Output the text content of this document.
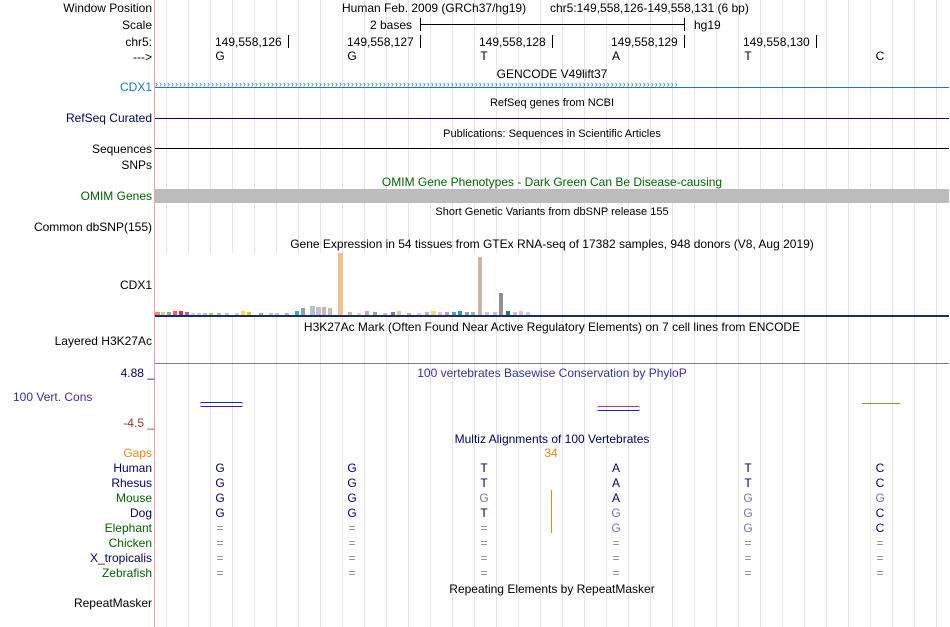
Window Position	Human Feb. 2009 (GRCh37/hg19) chr5:149,558,126-149,558,131 (6 bp)
Scale	2 bases	hg19
chr5:	149,558,126	149,558,127	149,558,128	149,558,129	149,558,130
--->	G	G	T	A	T	C
GENCODE V49lift37
CDX1 ›››››››››››››››››››››››››››››››››››››››››››››››››››››››››››››››››››››››››››››››››››››››››››››››››››››››››››››››››››››››››››››››››››
RefSeq genes from NCBI
RefSeq Curated
Publications: Sequences in Scientific Articles
Sequences
SNPs
OMIM Gene Phenotypes - Dark Green Can Be Disease-causing
OMIM Genes
Short Genetic Variants from dbSNP release 155
Common dbSNP(155)
Gene Expression in 54 tissues from GTEx RNA-seq of 17382 samples, 948 donors (V8, Aug 2019)
CDX1
H3K27Ac Mark (Often Found Near Active Regulatory Elements) on 7 cell lines from ENCODE
Layered H3K27Ac
4.88 _	100 vertebrates Basewise Conservation by PhyloP
100 Vert. Cons
-4.5 _
Multiz Alignments of 100 Vertebrates
Gaps	34
Human	G	G	T	A	T	C
Rhesus	G	G	T	A	T	C
Mouse	G	G	G	A	G	G
Dog	G	G	T	G	G	C
Elephant	=	=	=	G	G	C
Chicken	=	=	=	=	=	=
X_tropicalis	=	=	=	=	=	=
Zebrafish	=	=	=	=	=	=
Repeating Elements by RepeatMasker
RepeatMasker
